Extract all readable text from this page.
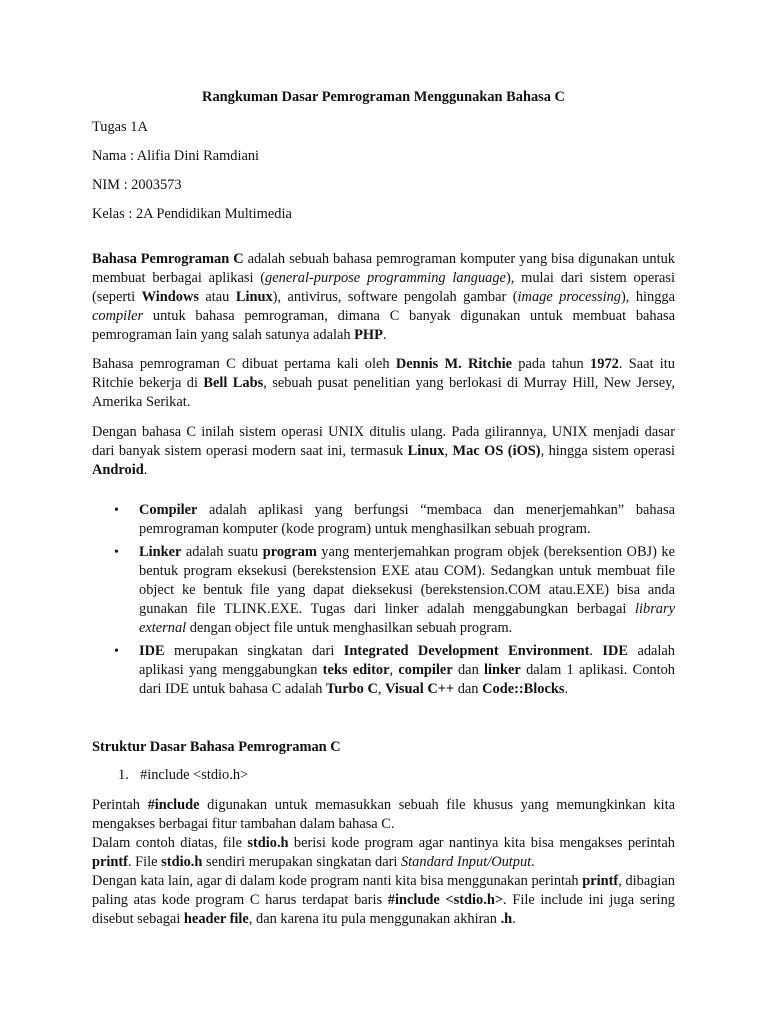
Rangkuman Dasar Pemrograman Menggunakan Bahasa C
Tugas 1A
Nama : Alifia Dini Ramdiani
NIM : 2003573
Kelas : 2A Pendidikan Multimedia

Bahasa Pemrograman C adalah sebuah bahasa pemrograman komputer yang bisa digunakan untuk membuat berbagai aplikasi (general-purpose programming language), mulai dari sistem operasi (seperti Windows atau Linux), antivirus, software pengolah gambar (image processing), hingga compiler untuk bahasa pemrograman, dimana C banyak digunakan untuk membuat bahasa pemrograman lain yang salah satunya adalah PHP.

Bahasa pemrograman C dibuat pertama kali oleh Dennis M. Ritchie pada tahun 1972. Saat itu Ritchie bekerja di Bell Labs, sebuah pusat penelitian yang berlokasi di Murray Hill, New Jersey, Amerika Serikat.

Dengan bahasa C inilah sistem operasi UNIX ditulis ulang. Pada gilirannya, UNIX menjadi dasar dari banyak sistem operasi modern saat ini, termasuk Linux, Mac OS (iOS), hingga sistem operasi Android.

• Compiler adalah aplikasi yang berfungsi “membaca dan menerjemahkan” bahasa pemrograman komputer (kode program) untuk menghasilkan sebuah program.
• Linker adalah suatu program yang menterjemahkan program objek (bereksention OBJ) ke bentuk program eksekusi (berekstension EXE atau COM). Sedangkan untuk membuat file object ke bentuk file yang dapat dieksekusi (berekstension.COM atau.EXE) bisa anda gunakan file TLINK.EXE. Tugas dari linker adalah menggabungkan berbagai library external dengan object file untuk menghasilkan sebuah program.
• IDE merupakan singkatan dari Integrated Development Environment. IDE adalah aplikasi yang menggabungkan teks editor, compiler dan linker dalam 1 aplikasi. Contoh dari IDE untuk bahasa C adalah Turbo C, Visual C++ dan Code::Blocks.
Struktur Dasar Bahasa Pemrograman C
1. #include <stdio.h>

Perintah #include digunakan untuk memasukkan sebuah file khusus yang memungkinkan kita mengakses berbagai fitur tambahan dalam bahasa C.

Dalam contoh diatas, file stdio.h berisi kode program agar nantinya kita bisa mengakses perintah printf. File stdio.h sendiri merupakan singkatan dari Standard Input/Output.

Dengan kata lain, agar di dalam kode program nanti kita bisa menggunakan perintah printf, dibagian paling atas kode program C harus terdapat baris #include <stdio.h>. File include ini juga sering disebut sebagai header file, dan karena itu pula menggunakan akhiran .h.
